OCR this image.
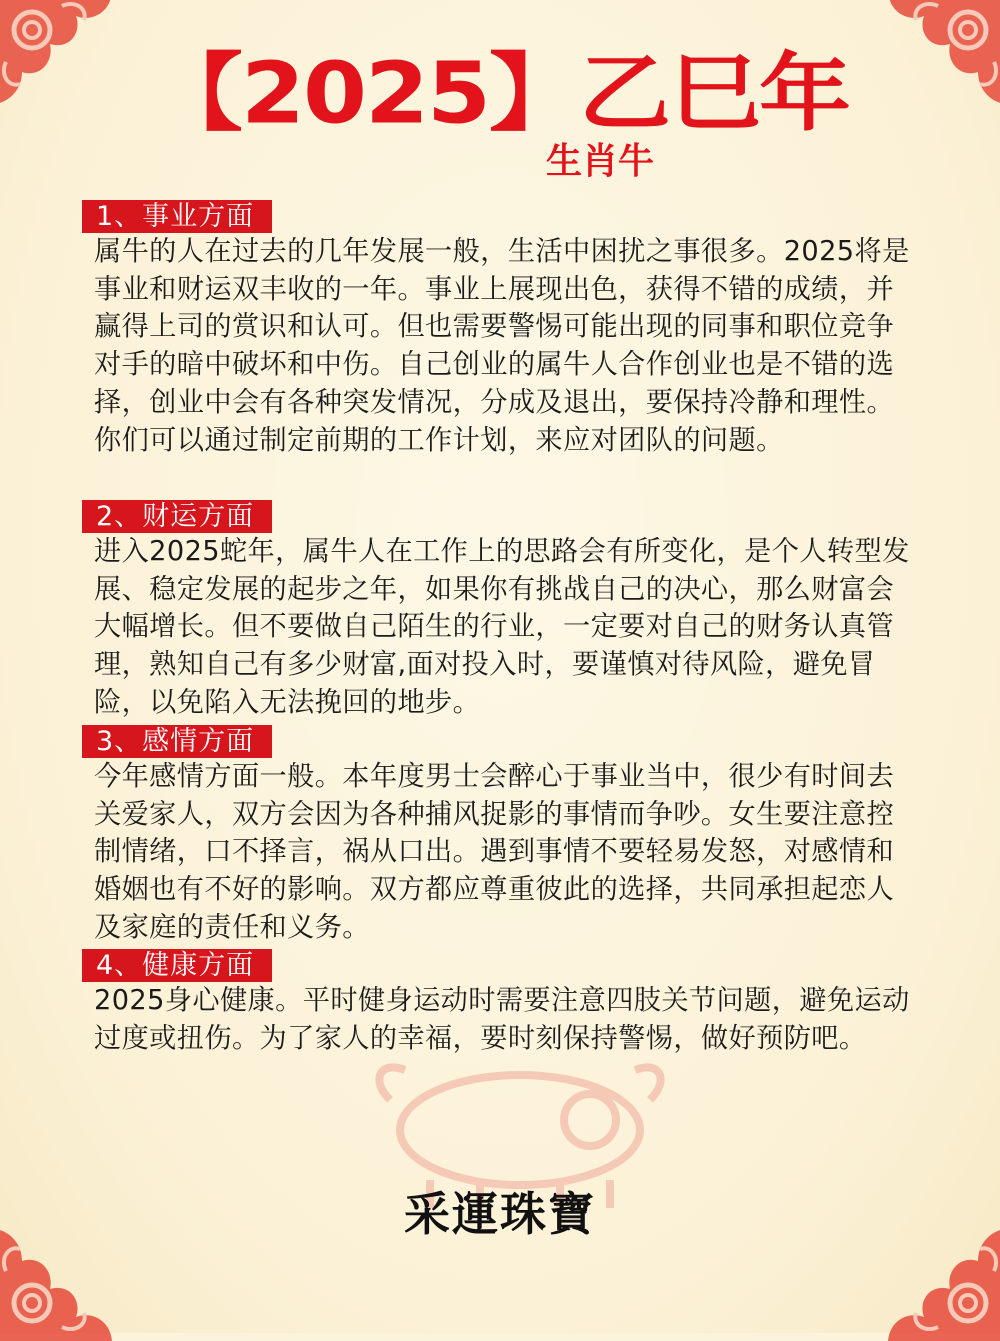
【2025】乙巳年
生肖牛
1、事业方面

属牛的人在过去的几年发展一般，生活中困扰之事很多。2025将是事业和财运双丰收的一年。事业上展现出色，获得不错的成绩，并赢得上司的赏识和认可。但也需要警惕可能出现的同事和职位竞争对手的暗中破坏和中伤。自己创业的属牛人合作创业也是不错的选择，创业中会有各种突发情况，分成及退出，要保持冷静和理性。你们可以通过制定前期的工作计划，来应对团队的问题。

2、财运方面

进入2025蛇年，属牛人在工作上的思路会有所变化，是个人转型发展、稳定发展的起步之年，如果你有挑战自己的决心，那么财富会大幅增长。但不要做自己陌生的行业，一定要对自己的财务认真管理，熟知自己有多少财富,面对投入时，要谨慎对待风险，避免冒险，以免陷入无法挽回的地步。

3、感情方面

今年感情方面一般。本年度男士会醉心于事业当中，很少有时间去关爱家人，双方会因为各种捕风捉影的事情而争吵。女生要注意控制情绪，口不择言，祸从口出。遇到事情不要轻易发怒，对感情和婚姻也有不好的影响。双方都应尊重彼此的选择，共同承担起恋人及家庭的责任和义务。

4、健康方面

2025身心健康。平时健身运动时需要注意四肢关节问题，避免运动过度或扭伤。为了家人的幸福，要时刻保持警惕，做好预防吧。

采運珠寶
